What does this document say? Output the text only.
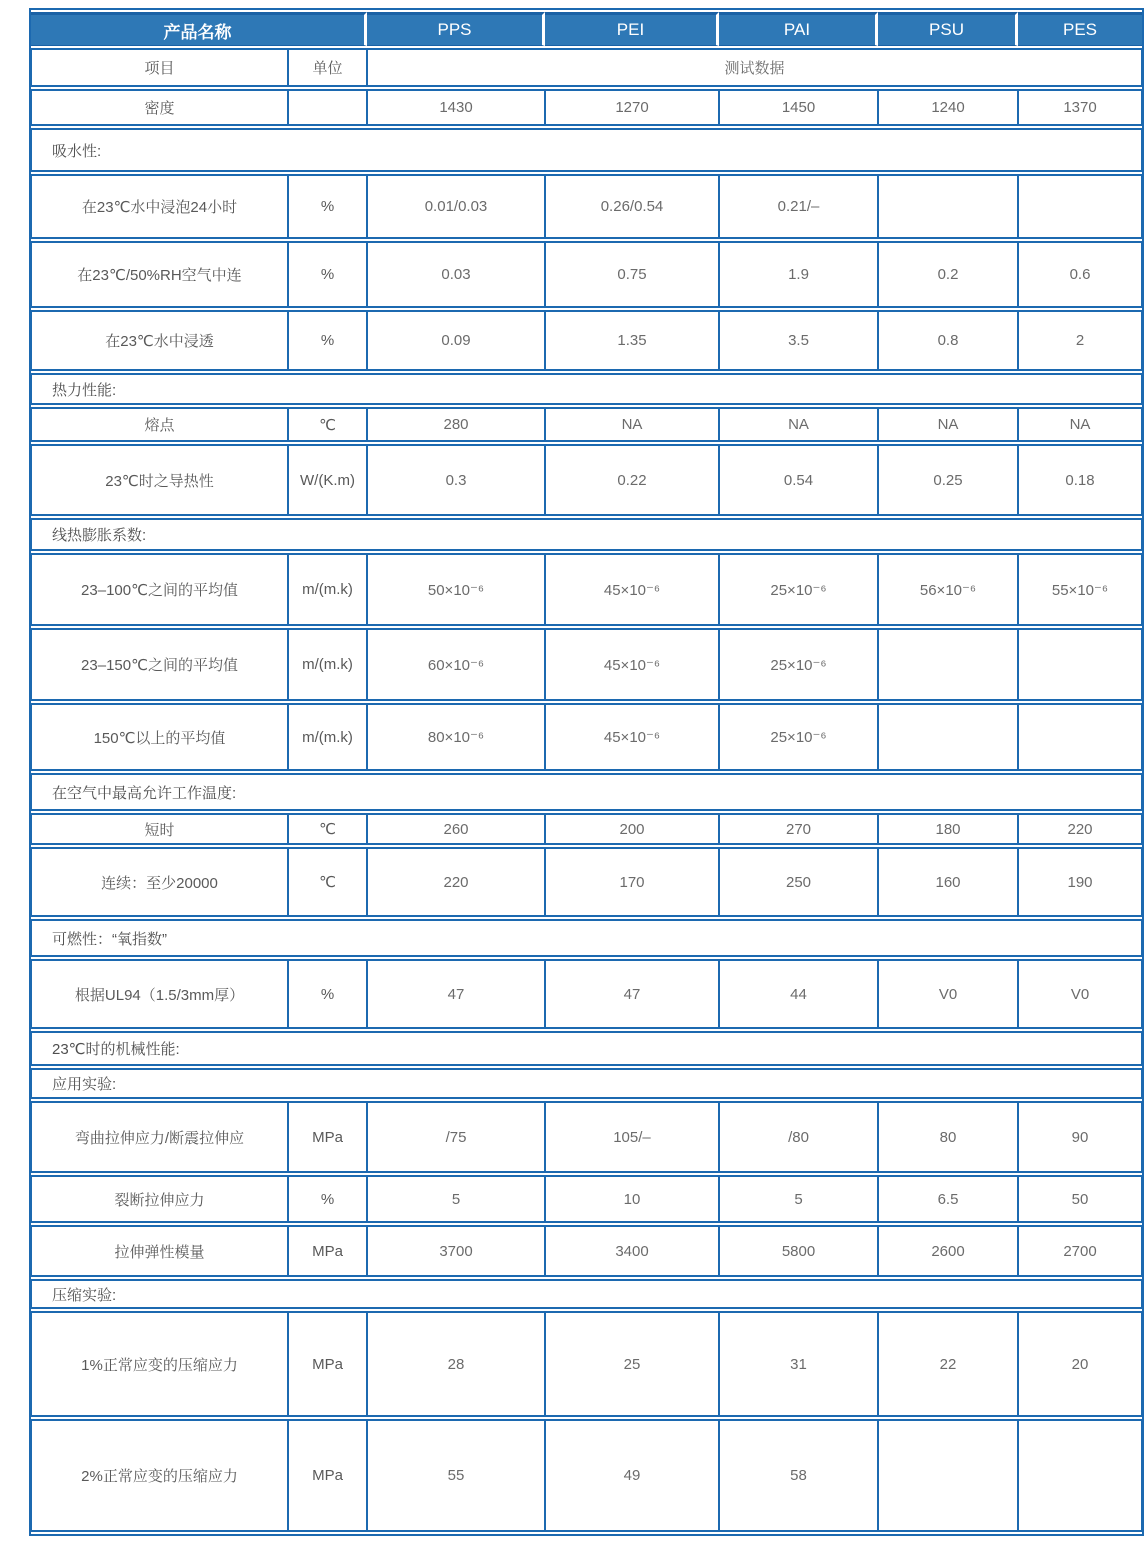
产品名称		PPS	PEI	PAI	PSU	PES
项目	单位	测试数据				
密度		1430	1270	1450	1240	1370
吸水性:						
在23℃水中浸泡24小时	%	0.01/0.03	0.26/0.54	0.21/–		
在23℃/50%RH空气中连	%	0.03	0.75	1.9	0.2	0.6
在23℃水中浸透	%	0.09	1.35	3.5	0.8	2
热力性能:						
熔点	℃	280	NA	NA	NA	NA
23℃时之导热性	W/(K.m)	0.3	0.22	0.54	0.25	0.18
线热膨胀系数:						
23–100℃之间的平均值	m/(m.k)	50×10⁻⁶	45×10⁻⁶	25×10⁻⁶	56×10⁻⁶	55×10⁻⁶
23–150℃之间的平均值	m/(m.k)	60×10⁻⁶	45×10⁻⁶	25×10⁻⁶		
150℃以上的平均值	m/(m.k)	80×10⁻⁶	45×10⁻⁶	25×10⁻⁶		
在空气中最高允许工作温度:						
短时	℃	260	200	270	180	220
连续：至少20000	℃	220	170	250	160	190
可燃性：“氧指数”						
根据UL94（1.5/3mm厚）	%	47	47	44	V0	V0
23℃时的机械性能:						
应用实验:						
弯曲拉伸应力/断震拉伸应	MPa	/75	105/–	/80	80	90
裂断拉伸应力	%	5	10	5	6.5	50
拉伸弹性模量	MPa	3700	3400	5800	2600	2700
压缩实验:						
1%正常应变的压缩应力	MPa	28	25	31	22	20
2%正常应变的压缩应力	MPa	55	49	58		
